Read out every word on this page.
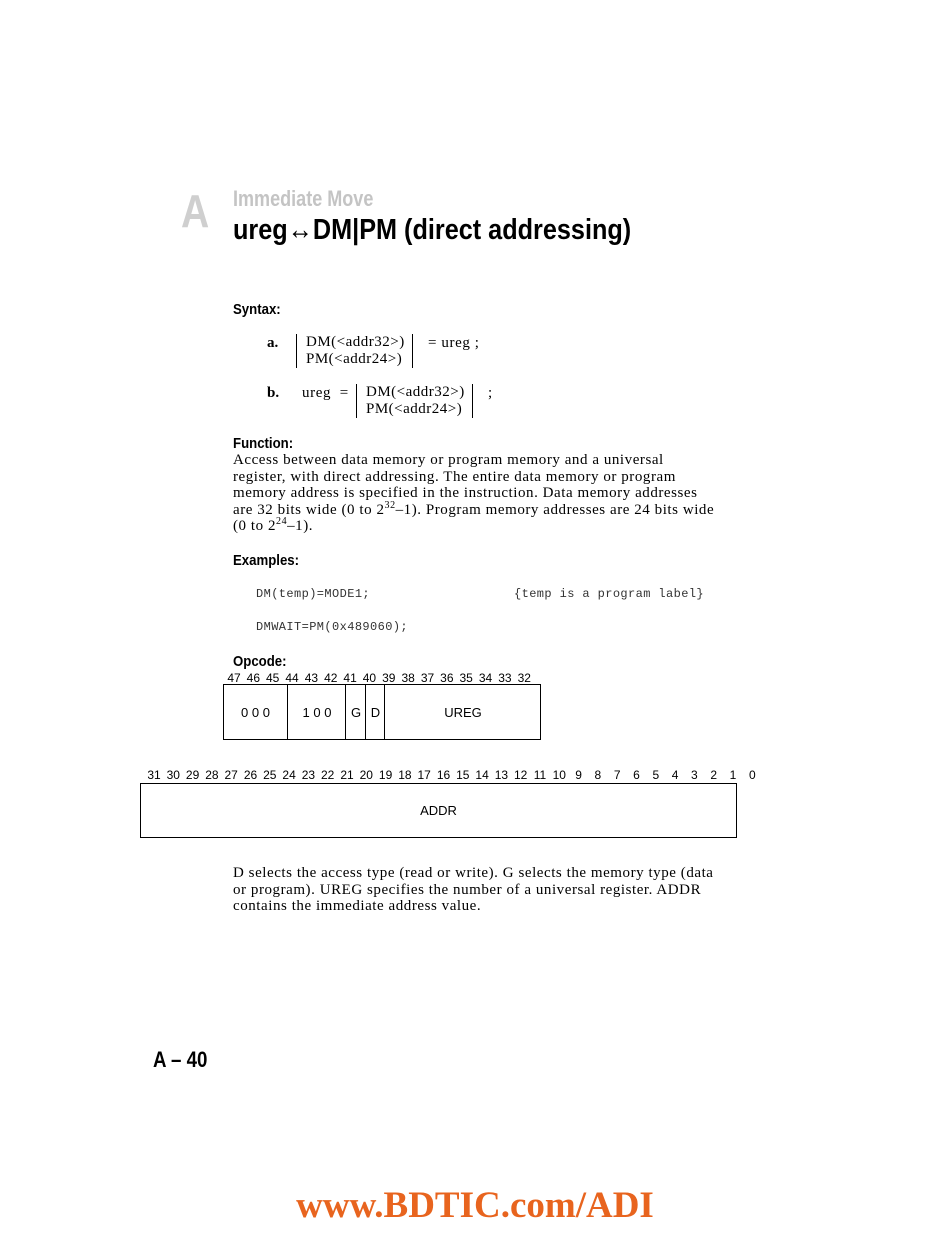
A Immediate Move
ureg↔DM|PM (direct addressing)
Syntax:
a. DM(<addr32>)
PM(<addr24>)
= ureg ;
b. ureg  = DM(<addr32>)
PM(<addr24>)
;
Function:
Access between data memory or program memory and a universal
register, with direct addressing. The entire data memory or program
memory address is specified in the instruction. Data memory addresses
are 32 bits wide (0 to $2^{32}-1$). Program memory addresses are 24 bits wide
(0 to $2^{24}-1$).
Examples:
DM(temp)=MODE1;	{temp is a program label}
DMWAIT=PM(0x489060);
Opcode:
47 46 45 44 43 42 41 40 39 38 37 36 35 34 33 32
0 0 0	1 0 0	G D	UREG
31 30 29 28 27 26 25 24 23 22 21 20 19 18 17 16 15 14 13 12 11 10 9	8	7	6	5	4	3	2	1	0
ADDR
D selects the access type (read or write). G selects the memory type (data
or program). UREG specifies the number of a universal register. ADDR
contains the immediate address value.
A – 40
www.BDTIC.com/ADI
